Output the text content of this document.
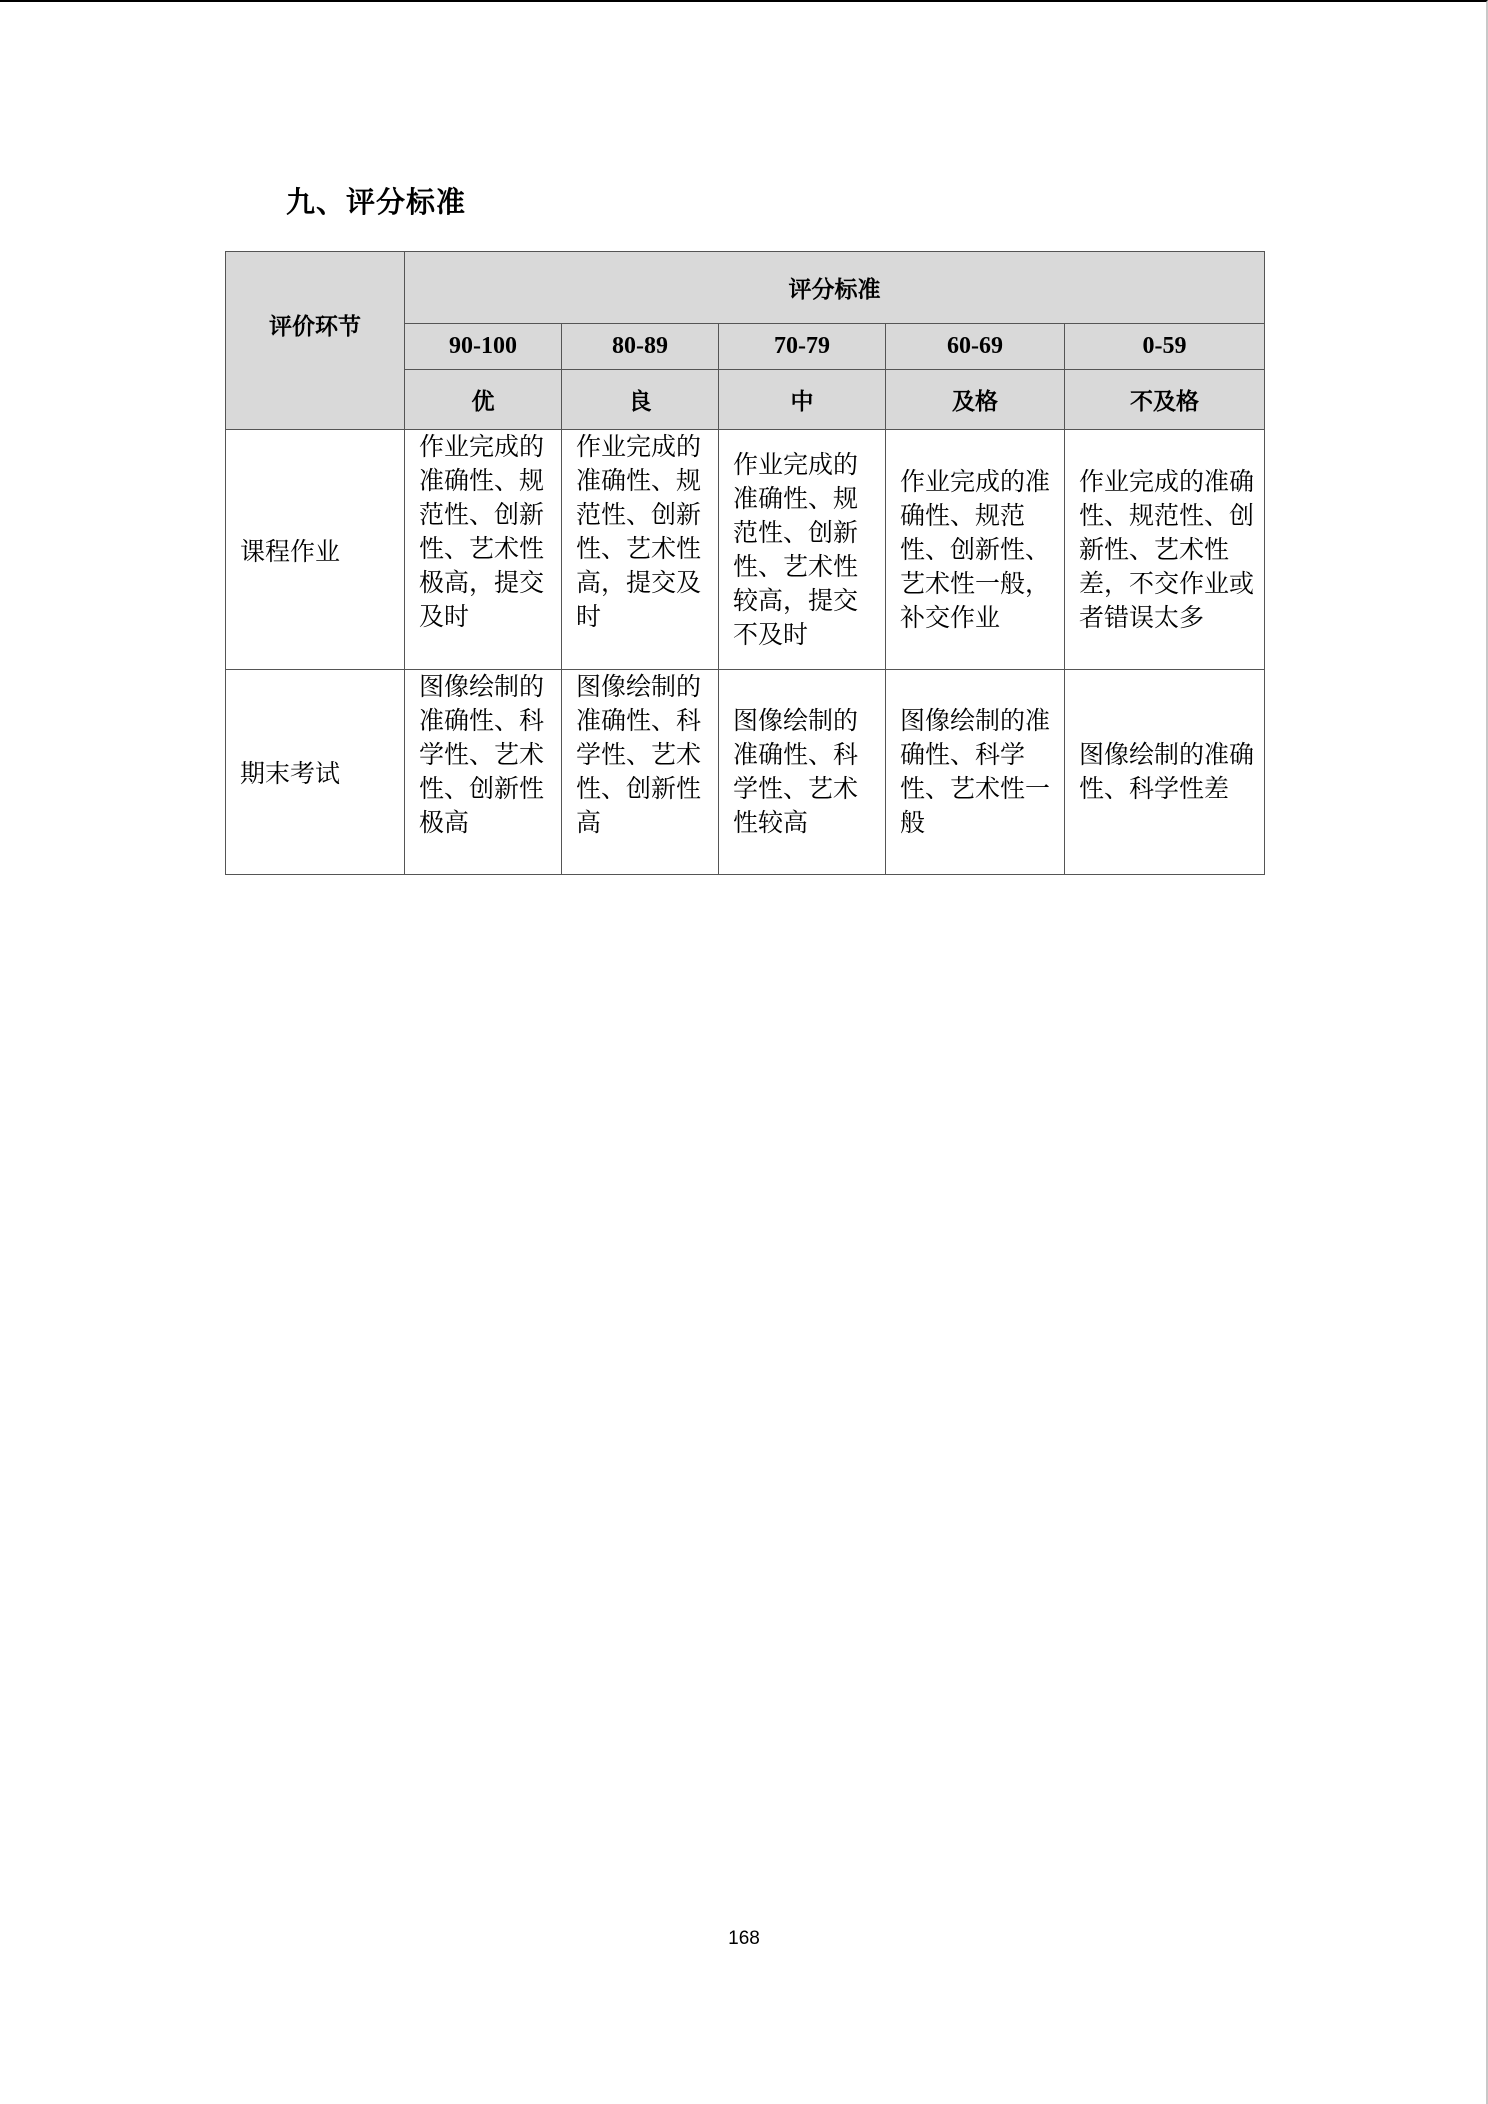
九、评分标准
评价环节	评分标准				
	90-100	80-89	70-79	60-69	0-59
	优	良	中	及格	不及格
课程作业	作业完成的准确性、规范性、创新性、艺术性极高，提交及时	作业完成的准确性、规范性、创新性、艺术性高，提交及时	作业完成的准确性、规范性、创新性、艺术性较高，提交不及时	作业完成的准确性、规范性、创新性、艺术性一般，补交作业	作业完成的准确性、规范性、创新性、艺术性差，不交作业或者错误太多
期末考试	图像绘制的准确性、科学性、艺术性、创新性极高	图像绘制的准确性、科学性、艺术性、创新性高	图像绘制的准确性、科学性、艺术性较高	图像绘制的准确性、科学性、艺术性一般	图像绘制的准确性、科学性差
168
